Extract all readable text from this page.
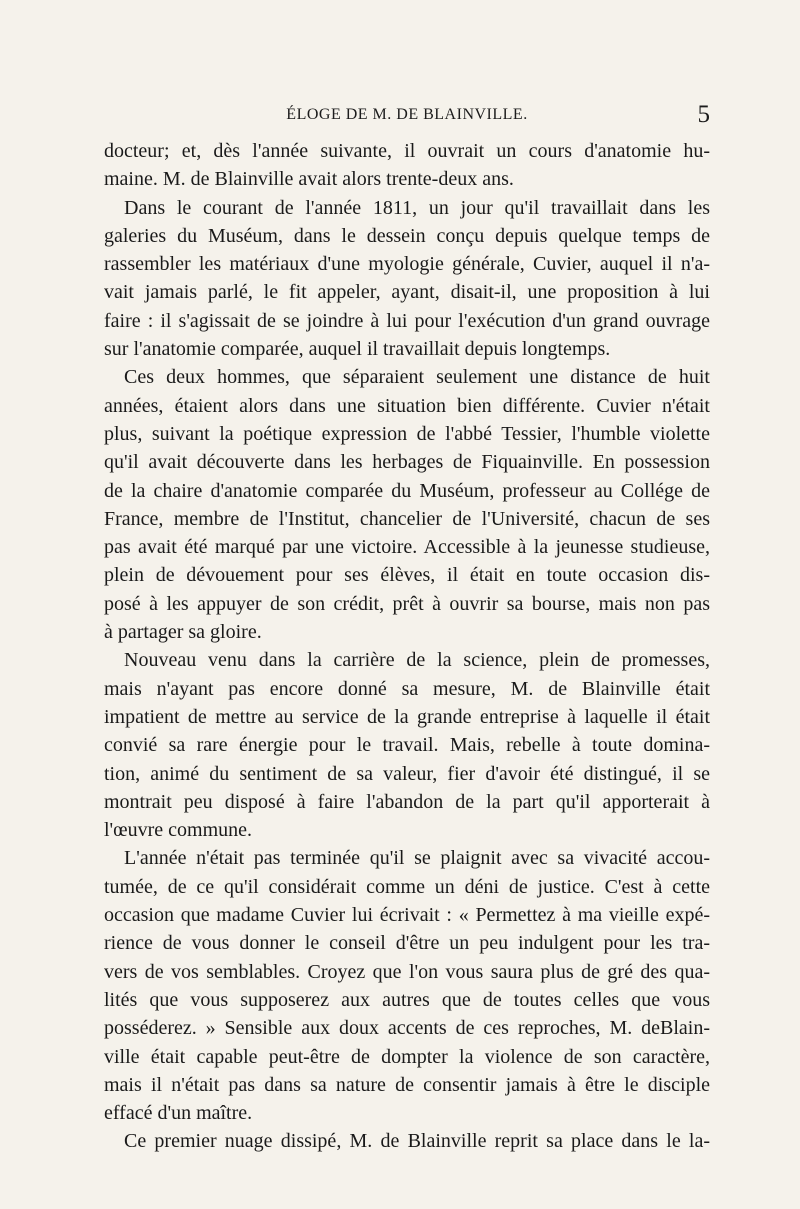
ÉLOGE DE M. DE BLAINVILLE.	5
docteur; et, dès l'année suivante, il ouvrait un cours d'anatomie hu-
maine. M. de Blainville avait alors trente-deux ans.
Dans le courant de l'année 1811, un jour qu'il travaillait dans les
galeries du Muséum, dans le dessein conçu depuis quelque temps de
rassembler les matériaux d'une myologie générale, Cuvier, auquel il n'a-
vait jamais parlé, le fit appeler, ayant, disait-il, une proposition à lui
faire : il s'agissait de se joindre à lui pour l'exécution d'un grand ouvrage
sur l'anatomie comparée, auquel il travaillait depuis longtemps.
Ces deux hommes, que séparaient seulement une distance de huit
années, étaient alors dans une situation bien différente. Cuvier n'était
plus, suivant la poétique expression de l'abbé Tessier, l'humble violette
qu'il avait découverte dans les herbages de Fiquainville. En possession
de la chaire d'anatomie comparée du Muséum, professeur au Collége de
France, membre de l'Institut, chancelier de l'Université, chacun de ses
pas avait été marqué par une victoire. Accessible à la jeunesse studieuse,
plein de dévouement pour ses élèves, il était en toute occasion dis-
posé à les appuyer de son crédit, prêt à ouvrir sa bourse, mais non pas
à partager sa gloire.
Nouveau venu dans la carrière de la science, plein de promesses,
mais n'ayant pas encore donné sa mesure, M. de Blainville était
impatient de mettre au service de la grande entreprise à laquelle il était
convié sa rare énergie pour le travail. Mais, rebelle à toute domina-
tion, animé du sentiment de sa valeur, fier d'avoir été distingué, il se
montrait peu disposé à faire l'abandon de la part qu'il apporterait à
l'œuvre commune.
L'année n'était pas terminée qu'il se plaignit avec sa vivacité accou-
tumée, de ce qu'il considérait comme un déni de justice. C'est à cette
occasion que madame Cuvier lui écrivait : « Permettez à ma vieille expé-
rience de vous donner le conseil d'être un peu indulgent pour les tra-
vers de vos semblables. Croyez que l'on vous saura plus de gré des qua-
lités que vous supposerez aux autres que de toutes celles que vous
posséderez. » Sensible aux doux accents de ces reproches, M. deBlain-
ville était capable peut-être de dompter la violence de son caractère,
mais il n'était pas dans sa nature de consentir jamais à être le disciple
effacé d'un maître.
Ce premier nuage dissipé, M. de Blainville reprit sa place dans le la-
